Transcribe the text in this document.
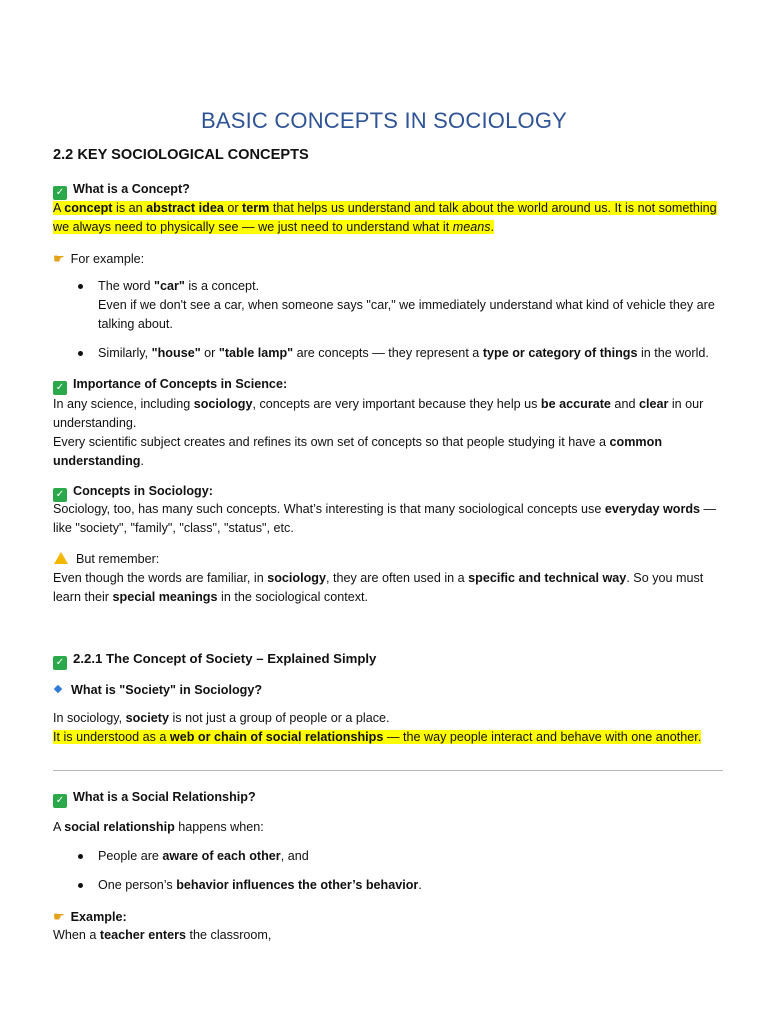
BASIC CONCEPTS IN SOCIOLOGY
2.2 KEY SOCIOLOGICAL CONCEPTS
✓ What is a Concept?
A concept is an abstract idea or term that helps us understand and talk about the world around us. It is not something we always need to physically see — we just need to understand what it means.
☛ For example:
The word "car" is a concept.
Even if we don't see a car, when someone says "car," we immediately understand what kind of vehicle they are talking about.
Similarly, "house" or "table lamp" are concepts — they represent a type or category of things in the world.
✓ Importance of Concepts in Science:

In any science, including sociology, concepts are very important because they help us be accurate and clear in our understanding.

Every scientific subject creates and refines its own set of concepts so that people studying it have a common understanding.

✓ Concepts in Sociology:
Sociology, too, has many such concepts. What’s interesting is that many sociological concepts use everyday words — like "society", "family", "class", "status", etc.
But remember:
Even though the words are familiar, in sociology, they are often used in a specific and technical way. So you must learn their special meanings in the sociological context.
✓ 2.2.1 The Concept of Society – Explained Simply
What is "Society" in Sociology?

In sociology, society is not just a group of people or a place.

It is understood as a web or chain of social relationships — the way people interact and behave with one another.

✓ What is a Social Relationship?
A social relationship happens when:
People are aware of each other, and
One person’s behavior influences the other’s behavior.
☛ Example:
When a teacher enters the classroom,
